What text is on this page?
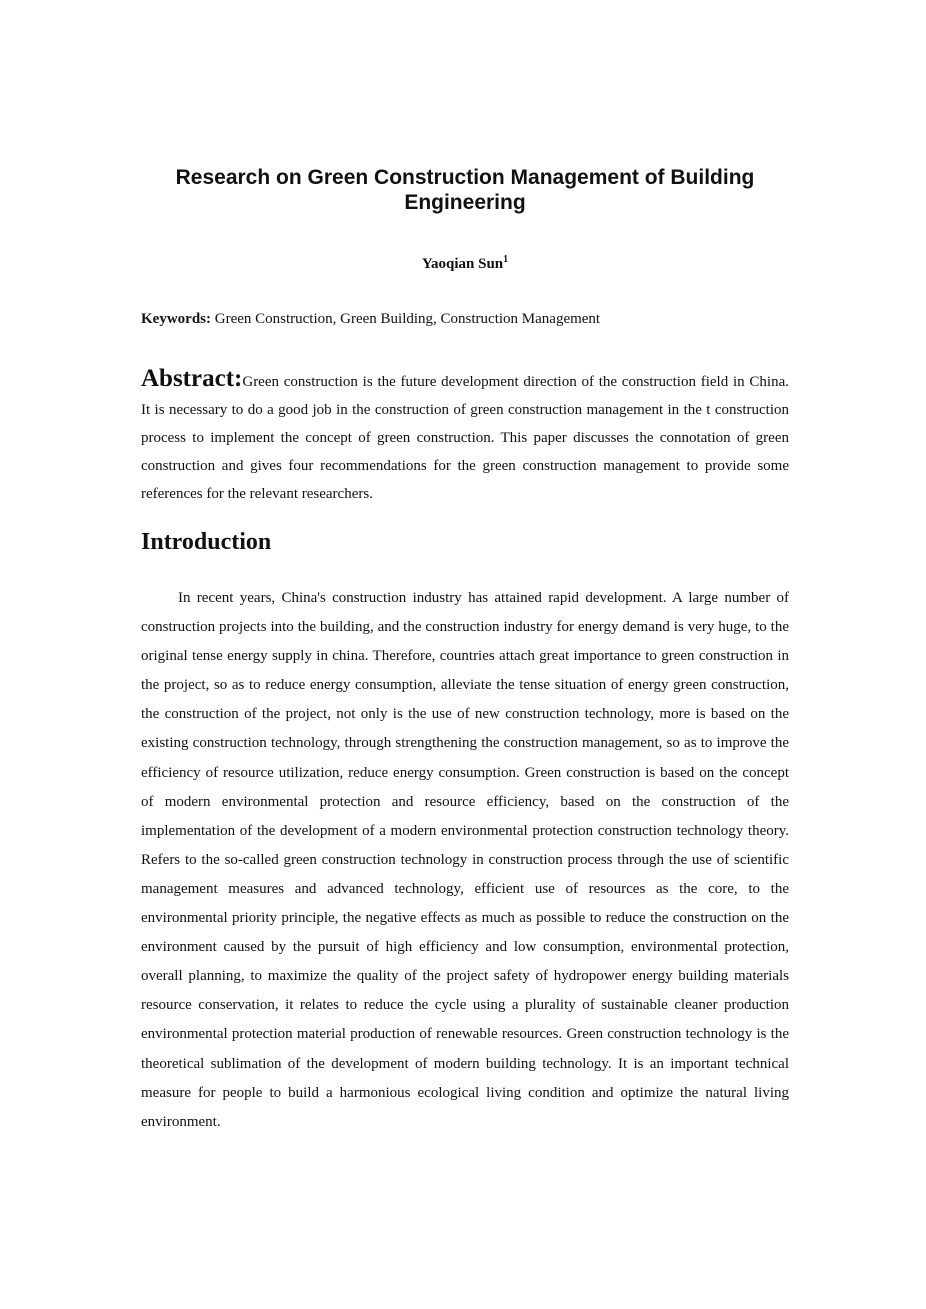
Research on Green Construction Management of Building Engineering
Yaoqian Sun$^1$
Keywords: Green Construction, Green Building, Construction Management

Abstract:Green construction is the future development direction of the construction field in China. It is necessary to do a good job in the construction of green construction management in the t construction process to implement the concept of green construction. This paper discusses the connotation of green construction and gives four recommendations for the green construction management to provide some references for the relevant researchers.

Introduction

In recent years, China's construction industry has attained rapid development. A large number of construction projects into the building, and the construction industry for energy demand is very huge, to the original tense energy supply in china. Therefore, countries attach great importance to green construction in the project, so as to reduce energy consumption, alleviate the tense situation of energy green construction, the construction of the project, not only is the use of new construction technology, more is based on the existing construction technology, through strengthening the construction management, so as to improve the efficiency of resource utilization, reduce energy consumption. Green construction is based on the concept of modern environmental protection and resource efficiency, based on the construction of the implementation of the development of a modern environmental protection construction technology theory. Refers to the so-called green construction technology in construction process through the use of scientific management measures and advanced technology, efficient use of resources as the core, to the environmental priority principle, the negative effects as much as possible to reduce the construction on the environment caused by the pursuit of high efficiency and low consumption, environmental protection, overall planning, to maximize the quality of the project safety of hydropower energy building materials resource conservation, it relates to reduce the cycle using a plurality of sustainable cleaner production environmental protection material production of renewable resources. Green construction technology is the theoretical sublimation of the development of modern building technology. It is an important technical measure for people to build a harmonious ecological living condition and optimize the natural living environment.
